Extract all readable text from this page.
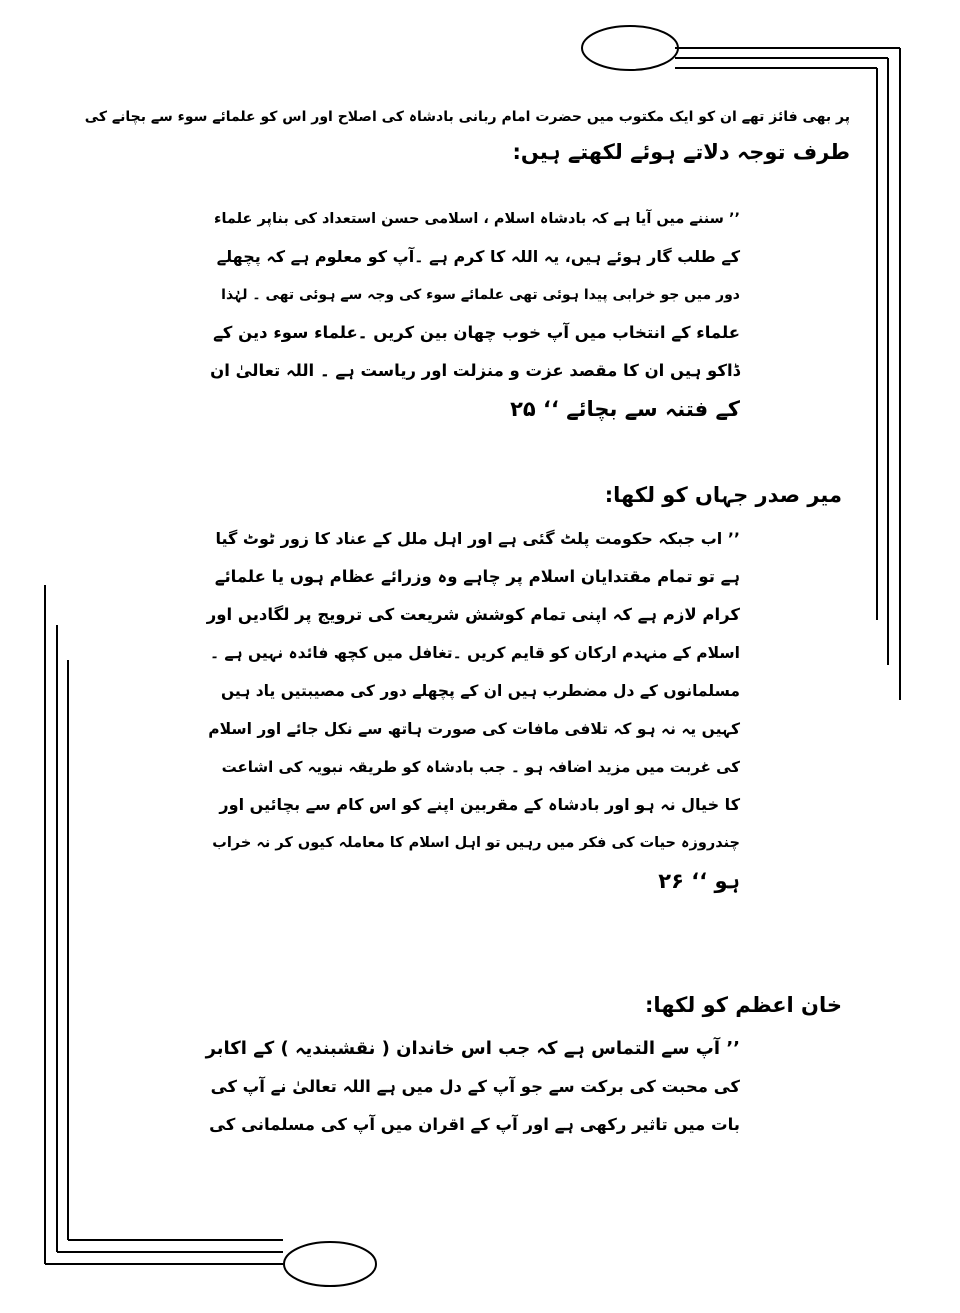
پر بھی فائز تھے ان کو ایک مکتوب میں حضرت امام ربانی بادشاہ کی اصلاح اور اس کو علمائے سوء سے بچانے کی
طرف توجہ دلاتے ہوئے لکھتے ہیں:
’’ سننے میں آیا ہے کہ بادشاہ اسلام ، اسلامی حسن استعداد کی بناپر علماء
کے طلب گار ہوئے ہیں، یہ اللہ کا کرم ہے ۔آپ کو معلوم ہے کہ پچھلے
دور میں جو خرابی پیدا ہوئی تھی علمائے سوء کی وجہ سے ہوئی تھی ۔ لہٰذا
علماء کے انتخاب میں آپ خوب چھان بین کریں ۔علماء سوء دین کے
ڈاکو ہیں ان کا مقصد عزت و منزلت اور ریاست ہے ۔ اللہ تعالیٰ ان
کے فتنہ سے بچائے ‘‘ ۲۵
میر صدر جہاں کو لکھا:
’’ اب جبکہ حکومت پلٹ گئی ہے اور اہل ملل کے عناد کا زور ٹوٹ گیا
ہے تو تمام مقتدایان اسلام پر چاہے وہ وزرائے عظام ہوں یا علمائے
کرام لازم ہے کہ اپنی تمام کوشش شریعت کی ترویج پر لگادیں اور
اسلام کے منہدم ارکان کو قایم کریں ۔تغافل میں کچھ فائدہ نہیں ہے ۔
مسلمانوں کے دل مضطرب ہیں ان کے پچھلے دور کی مصیبتیں یاد ہیں
کہیں یہ نہ ہو کہ تلافی مافات کی صورت ہاتھ سے نکل جائے اور اسلام
کی غربت میں مزید اضافہ ہو ۔ جب بادشاہ کو طریقہ نبویہ کی اشاعت
کا خیال نہ ہو اور بادشاہ کے مقربین اپنے کو اس کام سے بچائیں اور
چندروزہ حیات کی فکر میں رہیں تو اہل اسلام کا معاملہ کیوں کر نہ خراب
ہو ‘‘ ۲۶
خان اعظم کو لکھا:
’’ آپ سے التماس ہے کہ جب اس خاندان ( نقشبندیہ ) کے اکابر
کی محبت کی برکت سے جو آپ کے دل میں ہے اللہ تعالیٰ نے آپ کی
بات میں تاثیر رکھی ہے اور آپ کے اقران میں آپ کی مسلمانی کی
